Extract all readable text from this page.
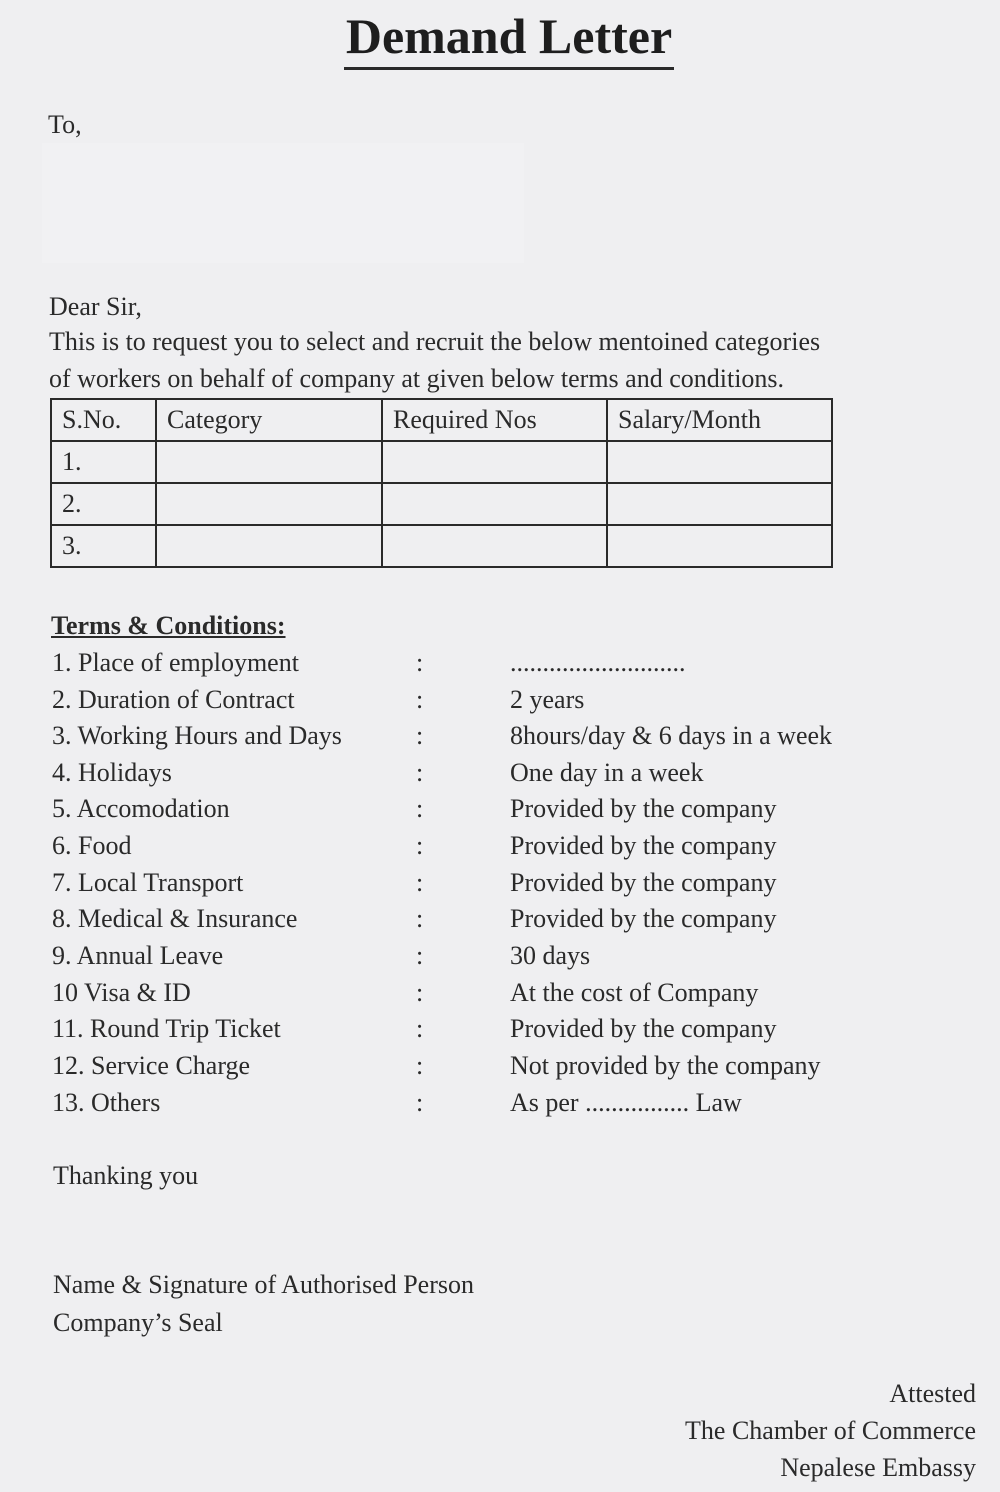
Demand Letter
To,
Dear Sir,
This is to request you to select and recruit the below mentoined categories
of workers on behalf of company at given below terms and conditions.
S.No.	Category	Required Nos	Salary/Month
1.			
2.			
3.			
Terms & Conditions:
1. Place of employment	:	...........................
2. Duration of Contract	:	2 years
3. Working Hours and Days	:	8hours/day & 6 days in a week
4. Holidays	:	One day in a week
5. Accomodation	:	Provided by the company
6. Food	:	Provided by the company
7. Local Transport	:	Provided by the company
8. Medical & Insurance	:	Provided by the company
9. Annual Leave	:	30 days
10 Visa & ID	:	At the cost of Company
11. Round Trip Ticket	:	Provided by the company
12. Service Charge	:	Not provided by the company
13. Others	:	As per ................ Law
Thanking you
Name & Signature of Authorised Person
Company’s Seal
Attested
The Chamber of Commerce
Nepalese Embassy
